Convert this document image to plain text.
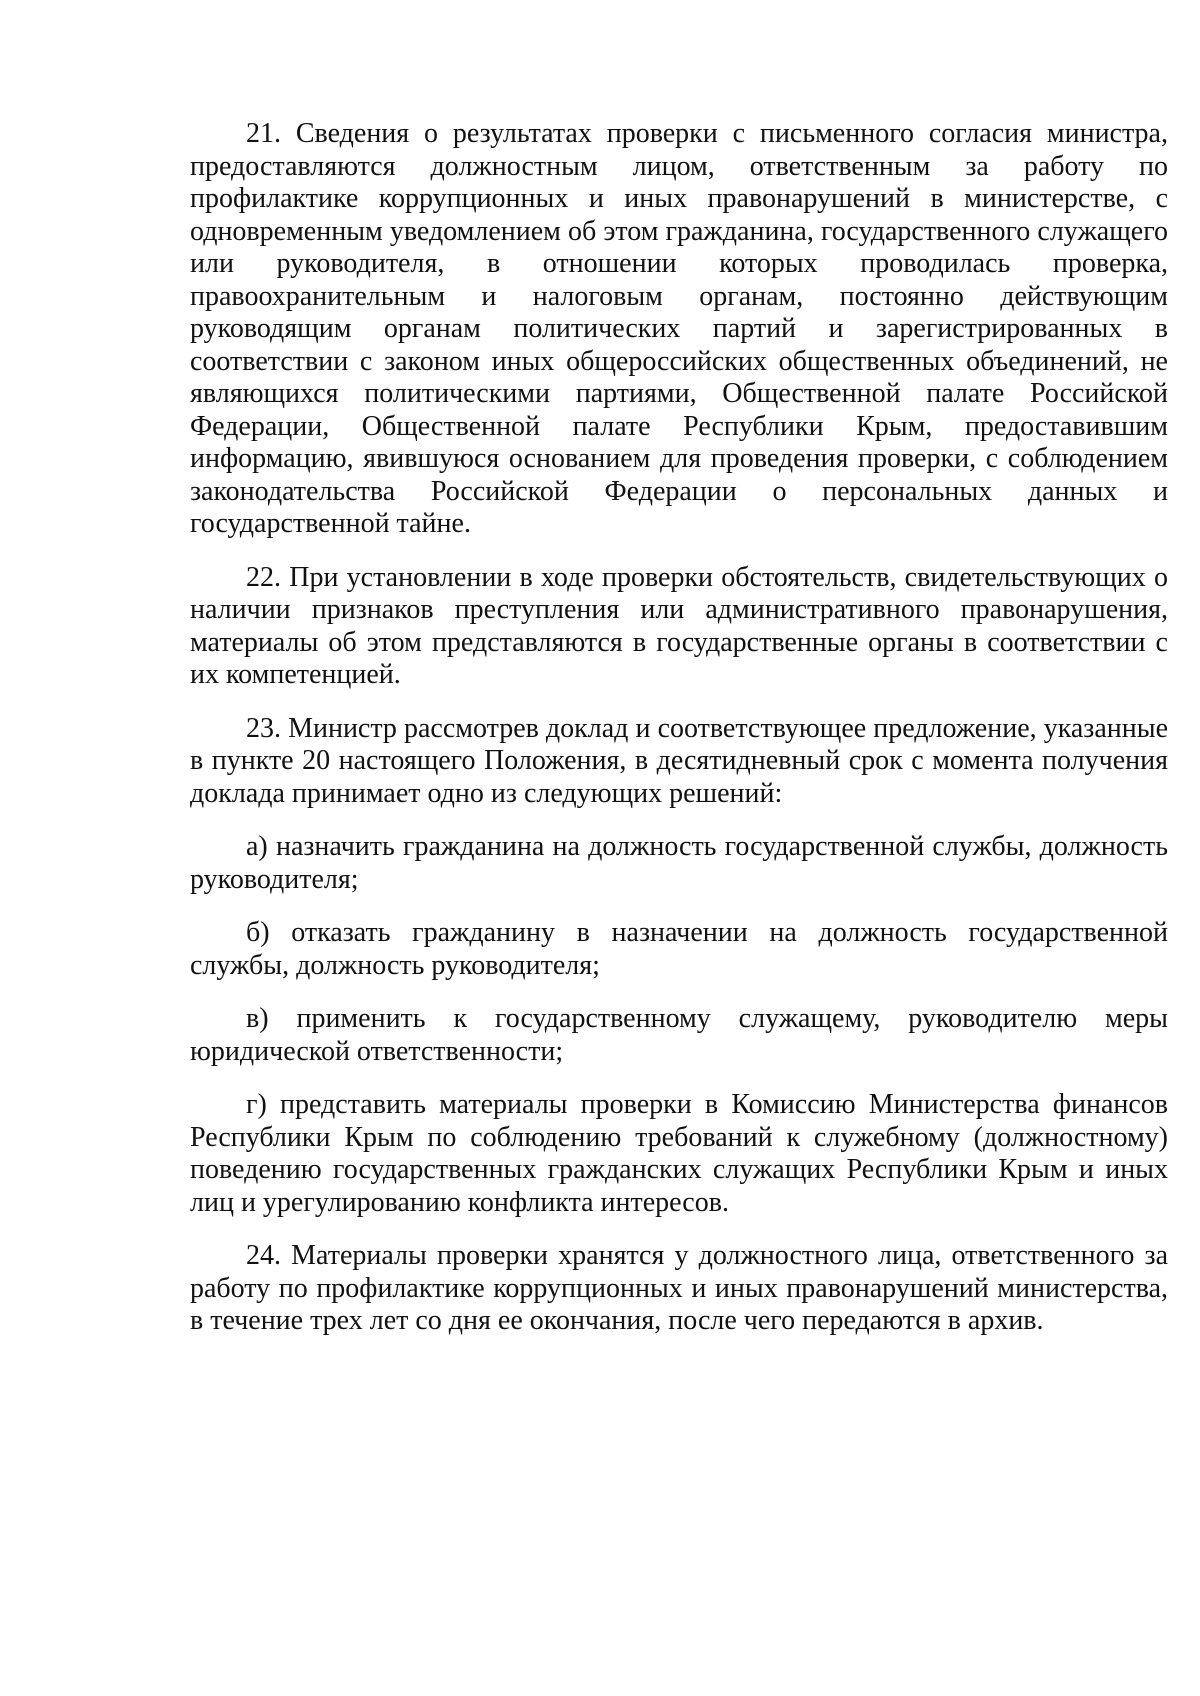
21. Сведения о результатах проверки с письменного согласия министра, предоставляются должностным лицом, ответственным за работу по профилактике коррупционных и иных правонарушений в министерстве, с одновременным уведомлением об этом гражданина, государственного служащего или руководителя, в отношении которых проводилась проверка, правоохранительным и налоговым органам, постоянно действующим руководящим органам политических партий и зарегистрированных в соответствии с законом иных общероссийских общественных объединений, не являющихся политическими партиями, Общественной палате Российской Федерации, Общественной палате Республики Крым, предоставившим информацию, явившуюся основанием для проведения проверки, с соблюдением законодательства Российской Федерации о персональных данных и государственной тайне.

22. При установлении в ходе проверки обстоятельств, свидетельствующих о наличии признаков преступления или административного правонарушения, материалы об этом представляются в государственные органы в соответствии с их компетенцией.

23. Министр рассмотрев доклад и соответствующее предложение, указанные в пункте 20 настоящего Положения, в десятидневный срок с момента получения доклада принимает одно из следующих решений:

а) назначить гражданина на должность государственной службы, должность руководителя;

б) отказать гражданину в назначении на должность государственной службы, должность руководителя;

в) применить к государственному служащему, руководителю меры юридической ответственности;

г) представить материалы проверки в Комиссию Министерства финансов Республики Крым по соблюдению требований к служебному (должностному) поведению государственных гражданских служащих Республики Крым и иных лиц и урегулированию конфликта интересов.

24. Материалы проверки хранятся у должностного лица, ответственного за работу по профилактике коррупционных и иных правонарушений министерства, в течение трех лет со дня ее окончания, после чего передаются в архив.
